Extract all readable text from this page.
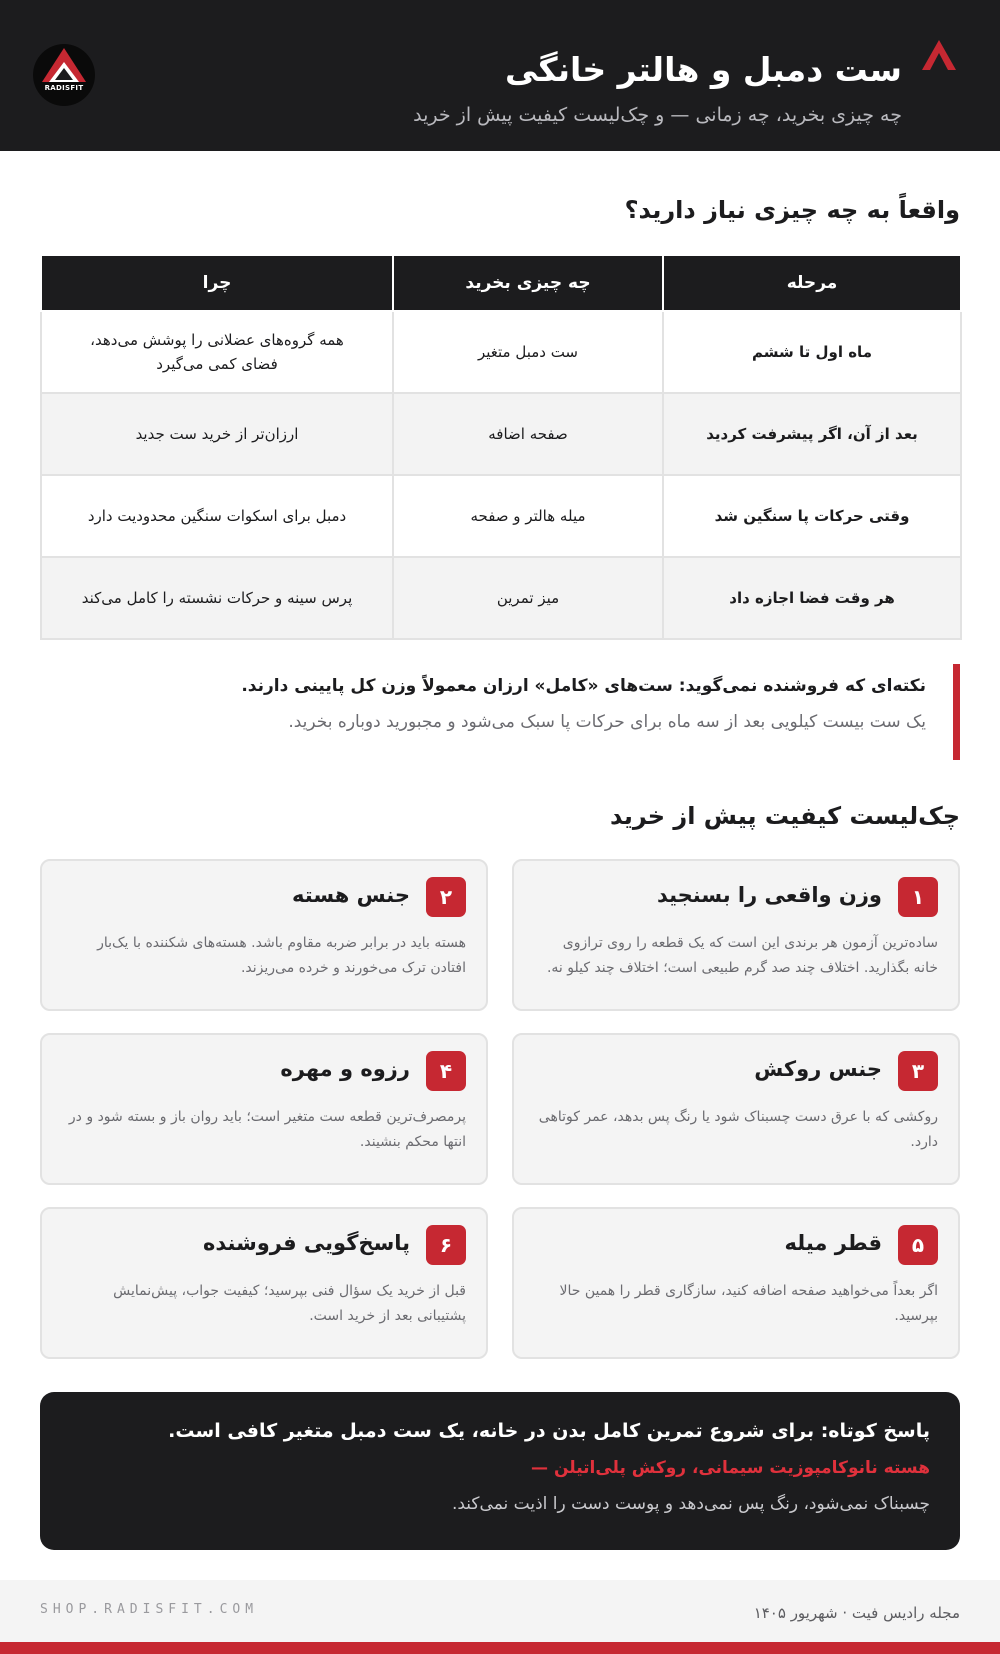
ست دمبل و هالتر خانگی
چه چیزی بخرید، چه زمانی — و چک‌لیست کیفیت پیش از خرید
RADISFIT
واقعاً به چه چیزی نیاز دارید؟
مرحله	چه چیزی بخرید	چرا
ماه اول تا ششم	ست دمبل متغیر	همه گروه‌های عضلانی را پوشش می‌دهد، فضای کمی می‌گیرد
بعد از آن، اگر پیشرفت کردید	صفحه اضافه	ارزان‌تر از خرید ست جدید
وقتی حرکات پا سنگین شد	میله هالتر و صفحه	دمبل برای اسکوات سنگین محدودیت دارد
هر وقت فضا اجازه داد	میز تمرین	پرس سینه و حرکات نشسته را کامل می‌کند
نکته‌ای که فروشنده نمی‌گوید: ست‌های «کامل» ارزان معمولاً وزن کل پایینی دارند.
یک ست بیست کیلویی بعد از سه ماه برای حرکات پا سبک می‌شود و مجبورید دوباره بخرید.
چک‌لیست کیفیت پیش از خرید
۱
وزن واقعی را بسنجید
ساده‌ترین آزمون هر برندی این است که یک قطعه را روی ترازوی خانه بگذارید. اختلاف چند صد گرم طبیعی است؛ اختلاف چند کیلو نه.
۲
جنس هسته
هسته باید در برابر ضربه مقاوم باشد. هسته‌های شکننده با یک‌بار افتادن ترک می‌خورند و خرده می‌ریزند.
۳
جنس روکش
روکشی که با عرق دست چسبناک شود یا رنگ پس بدهد، عمر کوتاهی دارد.
۴
رزوه و مهره
پرمصرف‌ترین قطعه ست متغیر است؛ باید روان باز و بسته شود و در انتها محکم بنشیند.
۵
قطر میله
اگر بعداً می‌خواهید صفحه اضافه کنید، سازگاری قطر را همین حالا بپرسید.
۶
پاسخ‌گویی فروشنده
قبل از خرید یک سؤال فنی بپرسید؛ کیفیت جواب، پیش‌نمایش پشتیبانی بعد از خرید است.
پاسخ کوتاه: برای شروع تمرین کامل بدن در خانه، یک ست دمبل متغیر کافی است.
هسته نانوکامپوزیت سیمانی، روکش پلی‌اتیلن —
چسبناک نمی‌شود، رنگ پس نمی‌دهد و پوست دست را اذیت نمی‌کند.
SHOP.RADISFIT.COM	مجله رادیس فیت · شهریور ۱۴۰۵
